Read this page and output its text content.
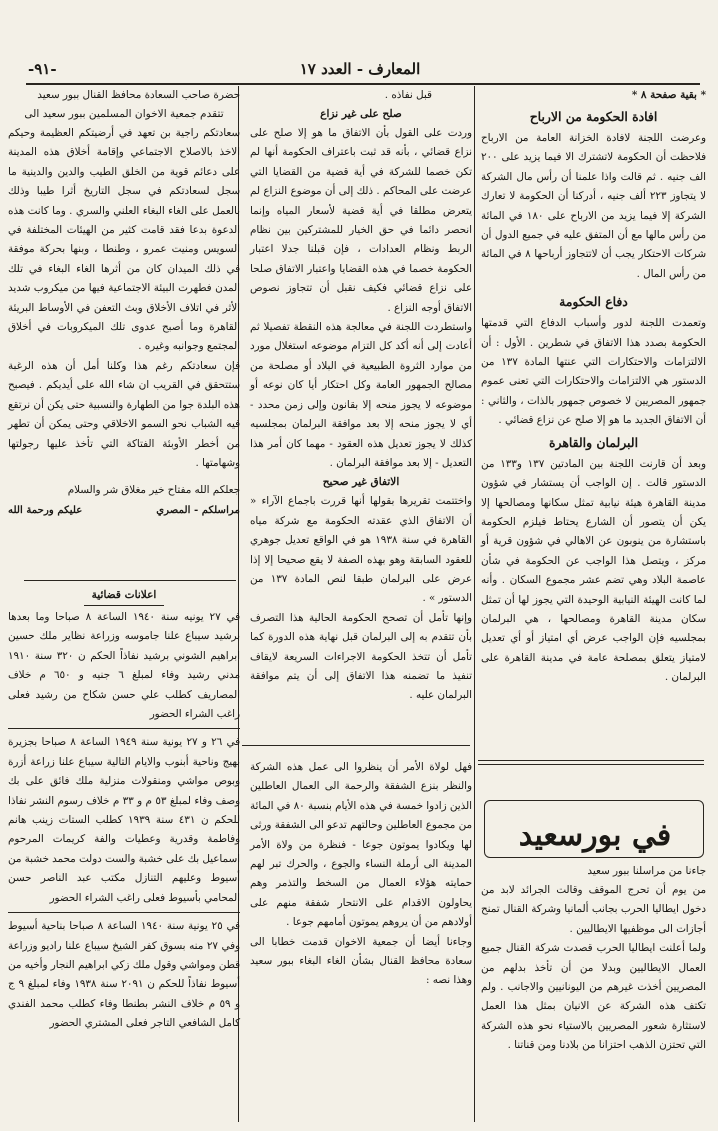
المعارف - العدد ١٧
-٩١-

* بقية صفحة ٨ *

افادة الحكومة من الارباح

وعرضت اللجنة لافادة الخزانة العامة من الارباح فلاحظت أن الحكومة لاتشترك الا فيما يزيد على ٢٠٠ الف جنيه . ثم قالت واذا علمنا أن رأس مال الشركة لا يتجاوز ٢٢٣ ألف جنيه ، أدركنا أن الحكومة لا تعارك الشركة إلا فيما يزيد من الارباح على ١٨٠ في المائة من رأس مالها مع أن المتفق عليه في جميع الدول أن شركات الاحتكار يجب أن لاتتجاوز أرباحها ٨ في المائة من رأس المال .

دفاع الحكومة

وتعمدت اللجنة لدور وأسباب الدفاع التي قدمتها الحكومة بصدد هذا الاتفاق في شطرين . الأول : أن الالتزامات والاحتكارات التي عنتها المادة ١٣٧ من الدستور هي الالتزامات والاحتكارات التي تعنى عموم جمهور المصريين لا خصوص جمهور بالذات ، والثاني : أن الاتفاق الجديد ما هو إلا صلح عن نزاع قضائي .

البرلمان والقاهرة

وبعد أن قارنت اللجنة بين المادتين ١٣٧ و١٣٣ من الدستور قالت . إن الواجب أن يستشار في شؤون مدينة القاهرة هيئة نيابية تمثل سكانها ومصالحها إلا يكن أن يتصور أن الشارع يحتاط فيلزم الحكومة باستشارة من ينوبون عن الاهالي في شؤون قرية أو مركز ، ويتصل هذا الواجب عن الحكومة في شأن عاصمة البلاد وهي تضم عشر مجموع السكان . وأنه لما كانت الهيئة النيابية الوحيدة التي يجوز لها أن تمثل سكان مدينة القاهرة ومصالحها ، هي البرلمان بمجلسيه فإن الواجب عرض أي امتياز أو أي تعديل لامتياز يتعلق بمصلحة عامة في مدينة القاهرة على البرلمان .

في بورسعيد

جاءنا من مراسلنا ببور سعيد

من يوم أن تحرج الموقف وقالت الجرائد لابد من دخول ايطاليا الحرب بجانب ألمانيا وشركة القنال تمنح أجازات الى موظفيها الايطاليين .

ولما أعلنت ايطاليا الحرب قصدت شركة القنال جميع العمال الايطاليين وبدلا من أن تأخذ بدلهم من المصريين أخذت غيرهم من اليونانيين والاجانب . ولم تكتف هذه الشركة عن الانيان بمثل هذا العمل لاستثارة شعور المصريين بالاستياء نحو هذه الشركة التي تحتزن الذهب احتزانا من بلادنا ومن قناتنا .

قبل نفاذه .

صلح على غير نزاع

وردت على القول بأن الاتفاق ما هو إلا صلح على نزاع قضائي ، بأنه قد ثبت باعتراف الحكومة أنها لم تكن خصما للشركة في أية قضية من القضايا التي عرضت على المحاكم . ذلك إلى أن موضوع النزاع لم يتعرض مطلقا في أية قضية لأسعار المياه وإنما انحصر دائما في حق الخيار للمشتركين بين نظام الربط ونظام العدادات ، فإن قبلنا جدلا اعتبار الحكومة خصما في هذه القضايا واعتبار الاتفاق صلحا على نزاع قضائي فكيف نقبل أن تتجاوز نصوص الاتفاق أوجه النزاع .

واستطردت اللجنة في معالجة هذه النقطة تفصيلا ثم أعادت إلى أنه أكد كل التزام موضوعه استغلال مورد من موارد الثروة الطبيعية في البلاد أو مصلحة من مصالح الجمهور العامة وكل احتكار أيا كان نوعه أو موضوعه لا يجوز منحه إلا بقانون وإلى زمن محدد - أي لا يجوز منحه إلا بعد موافقة البرلمان بمجلسيه كذلك لا يجوز تعديل هذه العقود - مهما كان أمر هذا التعديل - إلا بعد موافقة البرلمان .

الاتفاق غير صحيح

واختتمت تقريرها بقولها أنها قررت باجماع الآراء « أن الاتفاق الذي عقدته الحكومة مع شركة مياه القاهرة في سنة ١٩٣٨ هو في الواقع تعديل جوهري للعقود السابقة وهو بهذه الصفة لا يقع صحيحا إلا إذا عرض على البرلمان طبقا لنص المادة ١٣٧ من الدستور » .

وإنها تأمل أن تصحح الحكومة الحالية هذا التصرف بأن تتقدم به إلى البرلمان قبل نهاية هذه الدورة كما تأمل أن تتخذ الحكومة الاجراءات السريعة لايقاف تنفيذ ما تضمنه هذا الاتفاق إلى أن يتم موافقة البرلمان عليه .

فهل لولاة الأمر أن ينظروا الى عمل هذه الشركة والنظر بنزع الشفقة والرحمة الى العمال العاطلين الذين زادوا خمسة في هذه الأيام بنسبة ٨٠ في المائة من مجموع العاطلين وحالتهم تدعو الى الشفقة ورثى لها ويكادوا يموتون جوعا - فنظرة من ولاة الأمر المدينة الى أرملة النساء والجوع ، والحرك تبر لهم حمايته هؤلاء العمال من السخط والتذمر وهم يحاولون الاقدام على الانتحار شفقة منهم على أولادهم من أن يروهم يموتون أمامهم جوعا .

وجاءنا أيضا أن جمعية الاخوان قدمت خطابا الى سعادة محافظ القنال بشأن الغاء البغاء ببور سعيد وهذا نصه :

حضرة صاحب السعادة محافظ القنال ببور سعيد

تتقدم جمعية الاخوان المسلمين ببور سعيد الى

سعادتكم راجية بن تعهد في أرضيتكم العظيمة وحيكم الاخذ بالاصلاح الاجتماعي وإقامة أخلاق هذه المدينة على دعائم قوية من الخلق الطيب والدين والدينية ما سجل لسعادتكم في سجل التاريخ أثرا طيبا وذلك بالعمل على الغاء البغاء العلني والسري . وما كانت هذه الدعوة بدعا فقد قامت كثير من الهيئات المختلفة في السويس ومنيت عمرو ، وطنطا ، وبنها بحركة موفقة في ذلك الميدان كان من أثرها الغاء البغاء في تلك المدن فطهرت البيئة الاجتماعية فيها من ميكروب شديد الأثر في اتلاف الأخلاق وبث التعفن في الأوساط البريئة القاهرة وما أصبح عدوى تلك الميكروبات في أخلاق المجتمع وجوانبه وغيره .

فإن سعادتكم رغم هذا وكلنا أمل أن هذه الرغبة ستتحقق في القريب ان شاء الله على أيديكم . فيصبح هذه البلدة جوا من الطهارة والنسبية حتى يكن أن نرتقع فيه الشباب نحو السمو الاخلاقي وحتى يمكن أن تطهر من أخطر الأوبئة الفتاكة التي تأخذ عليها رجولتها وشهامتها .

جعلكم الله مفتاح خير مغلاق شر والسلام

مراسلكم - المصري
عليكم ورحمة الله

اعلانات قضائية

في ٢٧ يونيه سنة ١٩٤٠ الساعة ٨ صباحا وما بعدها برشيد سيباع علنا جاموسه وزراعة نظاير ملك حسين ابراهيم الشوني برشيد نفاذاً الحكم ن ٣٢٠ سنة ١٩١٠ مدني رشيد وفاء لمبلغ ٦ جنيه و ٦٥٠ م خلاف المصاريف كطلب علي حسن شكاح من رشيد فعلى راغب الشراء الحضور

في ٢٦ و ٢٧ يونية سنة ١٩٤٩ الساعة ٨ صباحا بجزيرة بهيج وناحية أبنوب والايام التالية سيباع علنا زراعة أزرة وبوص مواشي ومنقولات منزلية ملك فائق على بك وصف وفاء لمبلغ ٥٣ م و ٣٣ م خلاف رسوم النشر نفاذا للحكم ن ٤٣١ سنة ١٩٣٩ كطلب الستات زينب هانم وفاطمة وقدرية وعطيات والفة كريمات المرحوم اسماعيل بك على خشبة والست دولت محمد خشبة من أسيوط وعليهم التنازل مكتب عبد الناصر حسن المحامي بأسيوط فعلى راغب الشراء الحضور

في ٢٥ يونية سنة ١٩٤٠ الساعة ٨ صباحا بناحية أسيوط وفي ٢٧ منه بسوق كفر الشيخ سيباع علنا راديو وزراعة قطن ومواشي وقول ملك زكي ابراهيم النجار وأخيه من أسيوط نفاذاً للحكم ن ٢٠٩١ سنة ١٩٣٨ وفاء لمبلغ ٩ ج و ٥٩ م خلاف النشر بطنطا وفاء كطلب محمد الفندي كامل الشافعي التاجر فعلى المشتري الحضور
